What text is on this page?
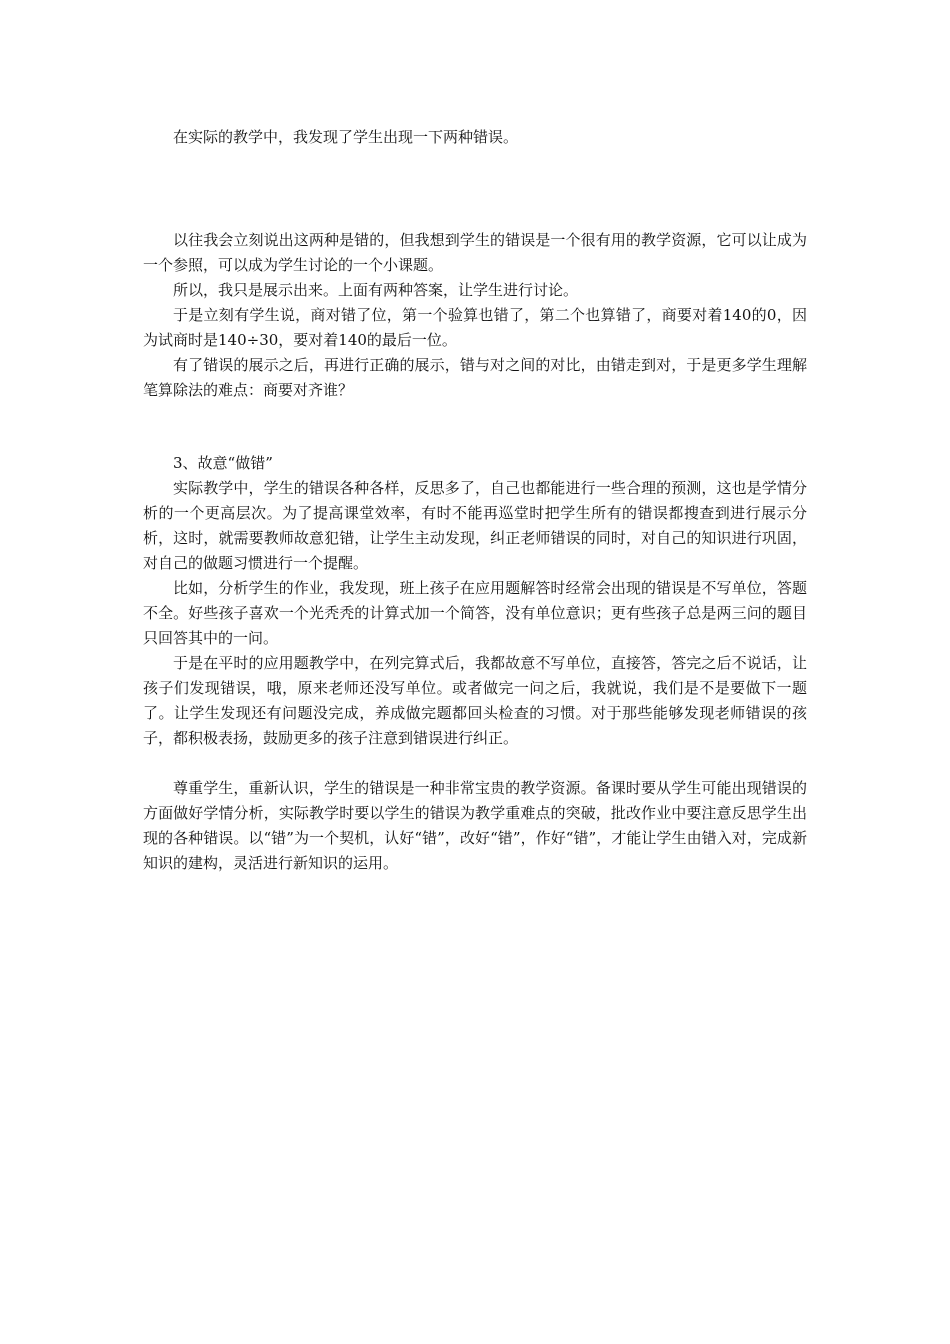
在实际的教学中，我发现了学生出现一下两种错误。

以往我会立刻说出这两种是错的，但我想到学生的错误是一个很有用的教学资源，它可以让成为一个参照，可以成为学生讨论的一个小课题。

所以，我只是展示出来。上面有两种答案，让学生进行讨论。

于是立刻有学生说，商对错了位，第一个验算也错了，第二个也算错了，商要对着140的0，因为试商时是140÷30，要对着140的最后一位。

有了错误的展示之后，再进行正确的展示，错与对之间的对比，由错走到对，于是更多学生理解笔算除法的难点：商要对齐谁？

3、故意“做错”

实际教学中，学生的错误各种各样，反思多了，自己也都能进行一些合理的预测，这也是学情分析的一个更高层次。为了提高课堂效率，有时不能再巡堂时把学生所有的错误都搜查到进行展示分析，这时，就需要教师故意犯错，让学生主动发现，纠正老师错误的同时，对自己的知识进行巩固，对自己的做题习惯进行一个提醒。

比如，分析学生的作业，我发现，班上孩子在应用题解答时经常会出现的错误是不写单位，答题不全。好些孩子喜欢一个光秃秃的计算式加一个简答，没有单位意识；更有些孩子总是两三问的题目只回答其中的一问。

于是在平时的应用题教学中，在列完算式后，我都故意不写单位，直接答，答完之后不说话，让孩子们发现错误，哦，原来老师还没写单位。或者做完一问之后，我就说，我们是不是要做下一题了。让学生发现还有问题没完成，养成做完题都回头检查的习惯。对于那些能够发现老师错误的孩子，都积极表扬，鼓励更多的孩子注意到错误进行纠正。

尊重学生，重新认识，学生的错误是一种非常宝贵的教学资源。备课时要从学生可能出现错误的方面做好学情分析，实际教学时要以学生的错误为教学重难点的突破，批改作业中要注意反思学生出现的各种错误。以“错”为一个契机，认好“错”，改好“错”，作好“错”，才能让学生由错入对，完成新知识的建构，灵活进行新知识的运用。
